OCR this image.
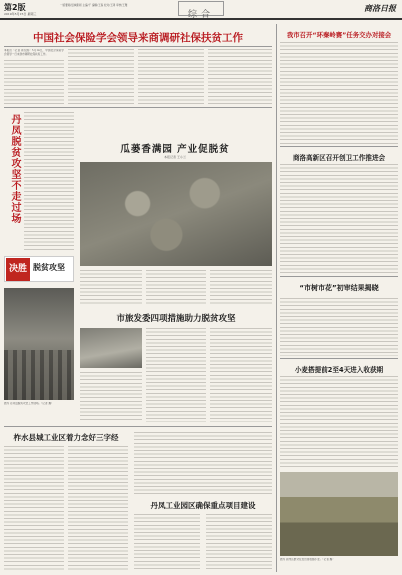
第2版
2019年5月15日 星期三
一版要闻/县域新闻 主编/干 编辑/王森 校对/王鸿 审核/王雅
综合
商洛日报
中国社会保险学会领导来商调研社保扶贫工作
本报讯（记者 郭宏霞）5月14日，中国社会保险学会领导一行来我市调研社保扶贫工作。
丹凤脱贫攻坚不走过场	瓜蒌香满园 产业促脱贫
本报记者 王小兰
决胜 脱贫攻坚
图为 丹凤县脱贫攻坚工作现场。（记者 摄）
市旅发委四项措施助力脱贫攻坚
柞水县城工业区着力念好三字经
丹凤工业园区确保重点项目建设
我市召开“环秦岭赛”任务交办对接会
商洛高新区召开创卫工作推进会
“市树市花”初审结果揭晓
小麦搭提前2至4天进入收获期
图为 商州区群众在麦田里收割小麦。（记者 摄）
